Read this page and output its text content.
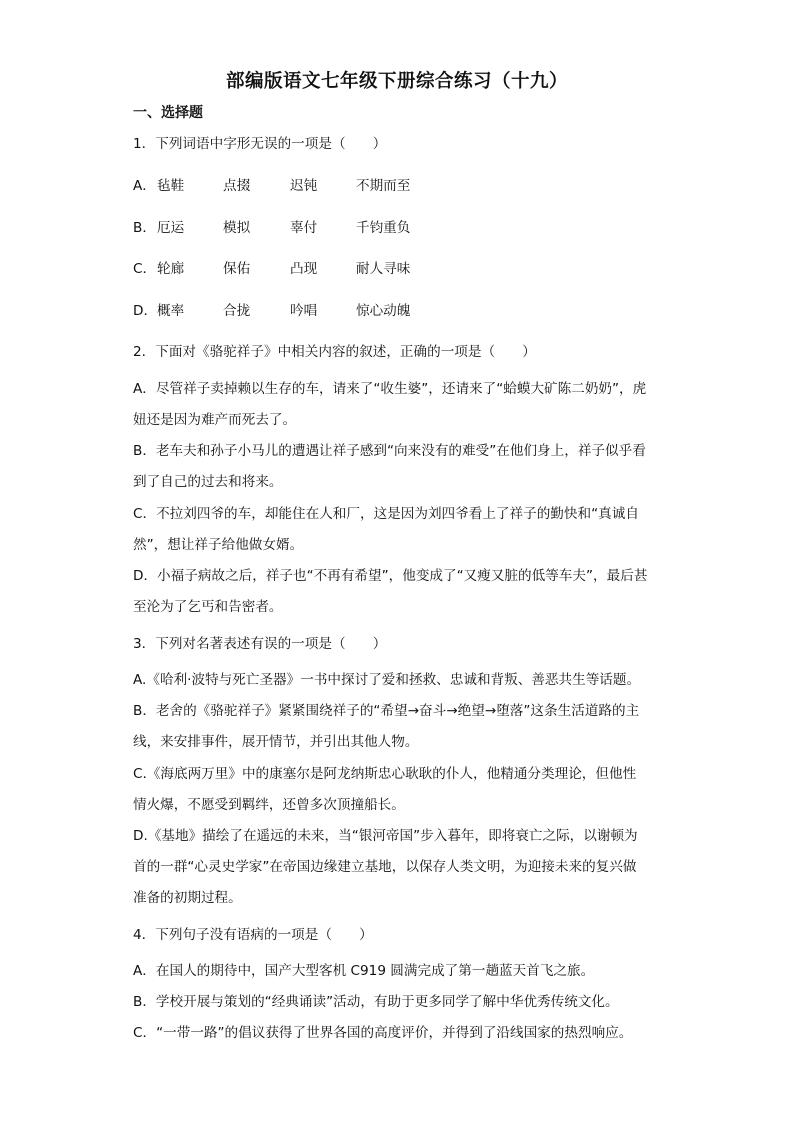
部编版语文七年级下册综合练习（十九）
一、选择题
1．下列词语中字形无误的一项是（　　）
A． 毡鞋	点掇	迟钝	不期而至
B． 厄运	模拟	辜付	千钧重负
C． 轮廊	保佑	凸现	耐人寻味
D． 概率	合拢	吟唱	惊心动魄
2．下面对《骆驼祥子》中相关内容的叙述，正确的一项是（　　）
A．尽管祥子卖掉赖以生存的车，请来了“收生婆”，还请来了“蛤蟆大矿陈二奶奶”，虎
妞还是因为难产而死去了。
B．老车夫和孙子小马儿的遭遇让祥子感到“向来没有的难受”在他们身上，祥子似乎看
到了自己的过去和将来。
C．不拉刘四爷的车，却能住在人和厂，这是因为刘四爷看上了祥子的勤快和“真诚自
然”，想让祥子给他做女婿。
D．小福子病故之后，祥子也“不再有希望”，他变成了“又瘦又脏的低等车夫”，最后甚
至沦为了乞丐和告密者。
3．下列对名著表述有误的一项是（　　）
A.《哈利·波特与死亡圣器》一书中探讨了爱和拯救、忠诚和背叛、善恶共生等话题。
B．老舍的《骆驼祥子》紧紧围绕祥子的“希望→奋斗→绝望→堕落”这条生活道路的主
线，来安排事件，展开情节，并引出其他人物。
C.《海底两万里》中的康塞尔是阿龙纳斯忠心耿耿的仆人，他精通分类理论，但他性
情火爆，不愿受到羁绊，还曾多次顶撞船长。
D.《基地》描绘了在遥远的未来，当“银河帝国”步入暮年，即将衰亡之际，以谢顿为
首的一群“心灵史学家”在帝国边缘建立基地，以保存人类文明，为迎接未来的复兴做
准备的初期过程。
4．下列句子没有语病的一项是（　　）
A．在国人的期待中，国产大型客机 C919 圆满完成了第一趟蓝天首飞之旅。
B．学校开展与策划的“经典诵读”活动，有助于更多同学了解中华优秀传统文化。
C．“一带一路”的倡议获得了世界各国的高度评价，并得到了沿线国家的热烈响应。
